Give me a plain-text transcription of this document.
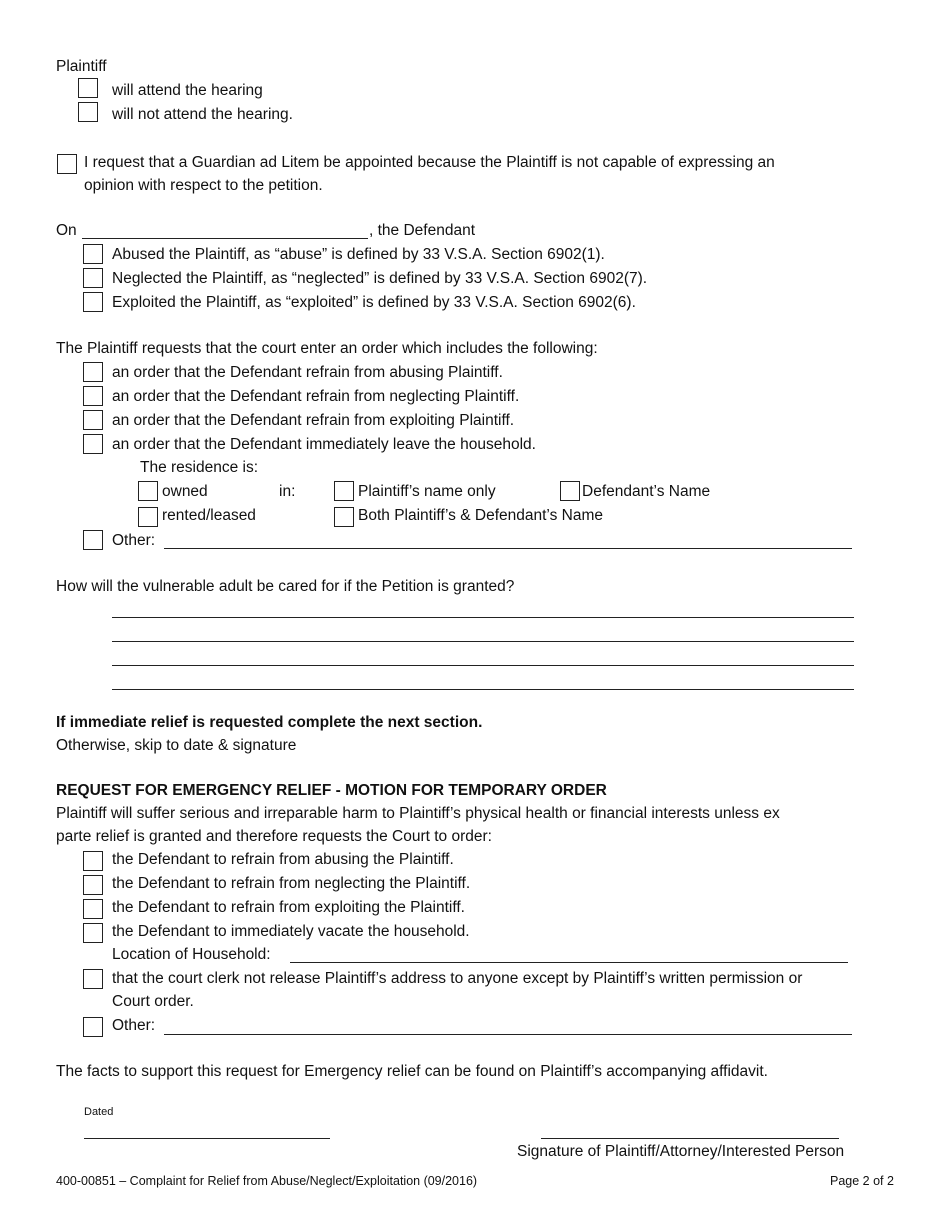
Plaintiff
will attend the hearing
will not attend the hearing.
I request that a Guardian ad Litem be appointed because the Plaintiff is not capable of expressing an
opinion with respect to the petition.
On	, the Defendant
Abused the Plaintiff, as “abuse” is defined by 33 V.S.A. Section 6902(1).
Neglected the Plaintiff, as “neglected” is defined by 33 V.S.A. Section 6902(7).
Exploited the Plaintiff, as “exploited” is defined by 33 V.S.A. Section 6902(6).
The Plaintiff requests that the court enter an order which includes the following:
an order that the Defendant refrain from abusing Plaintiff.
an order that the Defendant refrain from neglecting Plaintiff.
an order that the Defendant refrain from exploiting Plaintiff.
an order that the Defendant immediately leave the household.
The residence is:
owned	in:	Plaintiff’s name only	Defendant’s Name
rented/leased	Both Plaintiff’s & Defendant’s Name
Other:
How will the vulnerable adult be cared for if the Petition is granted?
If immediate relief is requested complete the next section.
Otherwise, skip to date & signature
REQUEST FOR EMERGENCY RELIEF - MOTION FOR TEMPORARY ORDER
Plaintiff will suffer serious and irreparable harm to Plaintiff’s physical health or financial interests unless ex
parte relief is granted and therefore requests the Court to order:
the Defendant to refrain from abusing the Plaintiff.
the Defendant to refrain from neglecting the Plaintiff.
the Defendant to refrain from exploiting the Plaintiff.
the Defendant to immediately vacate the household.
Location of Household:
that the court clerk not release Plaintiff’s address to anyone except by Plaintiff’s written permission or
Court order.
Other:
The facts to support this request for Emergency relief can be found on Plaintiff’s accompanying affidavit.
Dated
Signature of Plaintiff/Attorney/Interested Person
400-00851 – Complaint for Relief from Abuse/Neglect/Exploitation (09/2016)	Page 2 of 2
